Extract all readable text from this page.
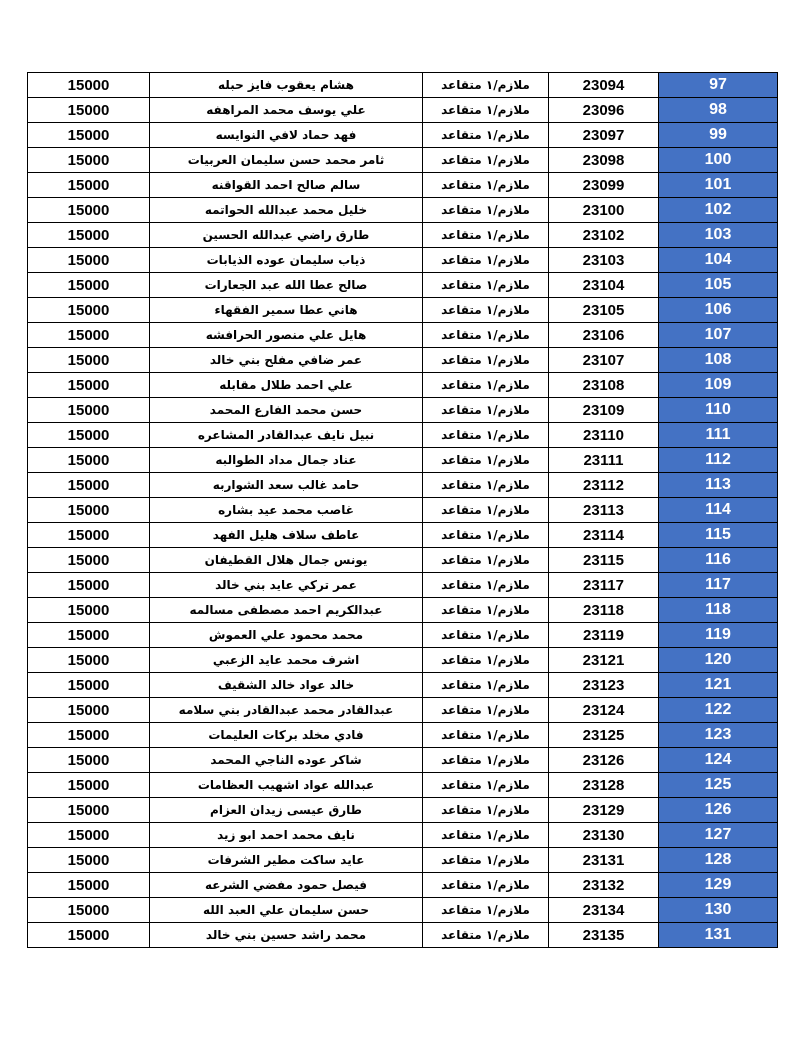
15000	هشام يعقوب فايز حبله	ملازم/١ متقاعد	23094	97
15000	علي يوسف محمد المراهفه	ملازم/١ متقاعد	23096	98
15000	فهد حماد لافي النوايسه	ملازم/١ متقاعد	23097	99
15000	ثامر محمد حسن سليمان العربيات	ملازم/١ متقاعد	23098	100
15000	سالم صالح احمد القواقنه	ملازم/١ متقاعد	23099	101
15000	خليل محمد عبدالله الحواتمه	ملازم/١ متقاعد	23100	102
15000	طارق راضي عبدالله الحسين	ملازم/١ متقاعد	23102	103
15000	ذياب سليمان عوده الذيابات	ملازم/١ متقاعد	23103	104
15000	صالح عطا الله عبد الجعارات	ملازم/١ متقاعد	23104	105
15000	هاني عطا سمير الفقهاء	ملازم/١ متقاعد	23105	106
15000	هايل علي منصور الحرافشه	ملازم/١ متقاعد	23106	107
15000	عمر ضافي مفلح بني خالد	ملازم/١ متقاعد	23107	108
15000	علي احمد طلال مقابله	ملازم/١ متقاعد	23108	109
15000	حسن محمد الفارع المحمد	ملازم/١ متقاعد	23109	110
15000	نبيل نايف عبدالقادر المشاعره	ملازم/١ متقاعد	23110	111
15000	عناد جمال مداد الطوالبه	ملازم/١ متقاعد	23111	112
15000	حامد غالب سعد الشواربه	ملازم/١ متقاعد	23112	113
15000	غاصب محمد عيد بشاره	ملازم/١ متقاعد	23113	114
15000	عاطف سلاف هليل الفهد	ملازم/١ متقاعد	23114	115
15000	يونس جمال هلال القطيفان	ملازم/١ متقاعد	23115	116
15000	عمر تركي عايد بني خالد	ملازم/١ متقاعد	23117	117
15000	عبدالكريم احمد مصطفى مسالمه	ملازم/١ متقاعد	23118	118
15000	محمد محمود علي العموش	ملازم/١ متقاعد	23119	119
15000	اشرف محمد عايد الزعبي	ملازم/١ متقاعد	23121	120
15000	خالد عواد خالد الشقيف	ملازم/١ متقاعد	23123	121
15000	عبدالقادر محمد عبدالقادر بني سلامه	ملازم/١ متقاعد	23124	122
15000	فادي مخلد بركات العليمات	ملازم/١ متقاعد	23125	123
15000	شاكر عوده الناجي المحمد	ملازم/١ متقاعد	23126	124
15000	عبدالله عواد اشهيب العظامات	ملازم/١ متقاعد	23128	125
15000	طارق عيسى زيدان العزام	ملازم/١ متقاعد	23129	126
15000	نايف محمد احمد ابو زيد	ملازم/١ متقاعد	23130	127
15000	عايد ساكت مطير الشرفات	ملازم/١ متقاعد	23131	128
15000	فيصل حمود مفضي الشرعه	ملازم/١ متقاعد	23132	129
15000	حسن سليمان علي العبد الله	ملازم/١ متقاعد	23134	130
15000	محمد راشد حسين بني خالد	ملازم/١ متقاعد	23135	131
